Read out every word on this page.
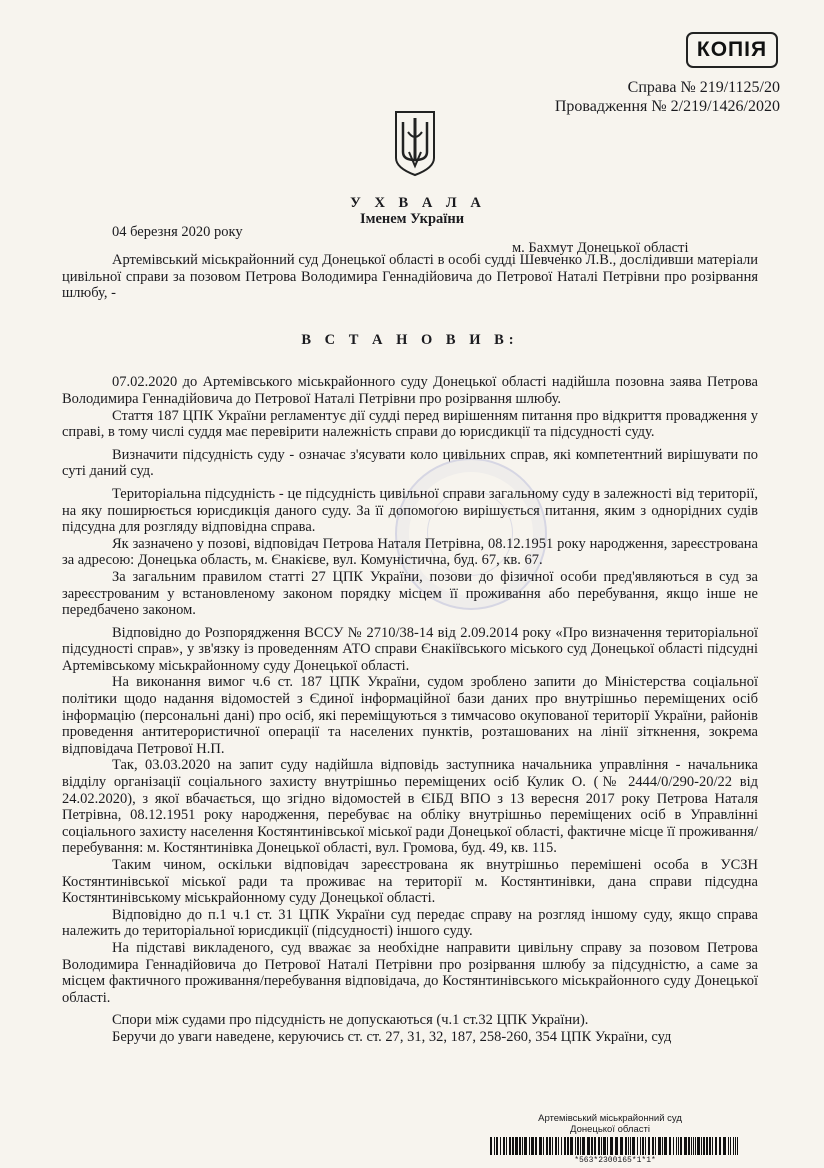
КОПІЯ
Справа № 219/1125/20
Провадження № 2/219/1426/2020
У Х В А Л А
Іменем України
04 березня 2020 року
м. Бахмут Донецької області

Артемівський міськрайонний суд Донецької області в особі судді Шевченко Л.В., дослідивши матеріали цивільної справи за позовом Петрова Володимира Геннадійовича до Петрової Наталі Петрівни про розірвання шлюбу, -

В С Т А Н О В И В:

07.02.2020 до Артемівського міськрайонного суду Донецької області надійшла позовна заява Петрова Володимира Геннадійовича до Петрової Наталі Петрівни про розірвання шлюбу.

Стаття 187 ЦПК України регламентує дії судді перед вирішенням питання про відкриття провадження у справі, в тому числі суддя має перевірити належність справи до юрисдикції та підсудності суду.

Визначити підсудність суду - означає з'ясувати коло цивільних справ, які компетентний вирішувати по суті даний суд.

Територіальна підсудність - це підсудність цивільної справи загальному суду в залежності від території, на яку поширюється юрисдикція даного суду. За її допомогою вирішується питання, яким з однорідних судів підсудна для розгляду відповідна справа.

Як зазначено у позові, відповідач Петрова Наталя Петрівна, 08.12.1951 року народження, зареєстрована за адресою: Донецька область, м. Єнакієве, вул. Комуністична, буд. 67, кв. 67.

За загальним правилом статті 27 ЦПК України, позови до фізичної особи пред'являються в суд за зареєстрованим у встановленому законом порядку місцем її проживання або перебування, якщо інше не передбачено законом.

Відповідно до Розпорядження ВССУ № 2710/38-14 від 2.09.2014 року «Про визначення територіальної підсудності справ», у зв'язку із проведенням АТО справи Єнакіївського міського суд Донецької області підсудні Артемівському міськрайонному суду Донецької області.

На виконання вимог ч.6 ст. 187 ЦПК України, судом зроблено запити до Міністерства соціальної політики щодо надання відомостей з Єдиної інформаційної бази даних про внутрішньо переміщених осіб інформацію (персональні дані) про осіб, які переміщуються з тимчасово окупованої території України, районів проведення антитерористичної операції та населених пунктів, розташованих на лінії зіткнення, зокрема відповідача Петрової Н.П.

Так, 03.03.2020 на запит суду надійшла відповідь заступника начальника управління - начальника відділу організації соціального захисту внутрішньо переміщених осіб Кулик О. (№ 2444/0/290-20/22 від 24.02.2020), з якої вбачається, що згідно відомостей в ЄІБД ВПО з 13 вересня 2017 року Петрова Наталя Петрівна, 08.12.1951 року народження, перебуває на обліку внутрішньо переміщених осіб в Управлінні соціального захисту населення Костянтинівської міської ради Донецької області, фактичне місце її проживання/перебування: м. Костянтинівка Донецької області, вул. Громова, буд. 49, кв. 115.

Таким чином, оскільки відповідач зареєстрована як внутрішньо перемішені особа в УСЗН Костянтинівської міської ради та проживає на території м. Костянтинівки, дана справи підсудна Костянтинівському міськрайонному суду Донецької області.

Відповідно до п.1 ч.1 ст. 31 ЦПК України суд передає справу на розгляд іншому суду, якщо справа належить до територіальної юрисдикції (підсудності) іншого суду.

На підставі викладеного, суд вважає за необхідне направити цивільну справу за позовом Петрова Володимира Геннадійовича до Петрової Наталі Петрівни про розірвання шлюбу за підсудністю, а саме за місцем фактичного проживання/перебування відповідача, до Костянтинівського міськрайонного суду Донецької області.

Спори між судами про підсудність не допускаються (ч.1 ст.32 ЦПК України).

Беручи до уваги наведене, керуючись ст. ст. 27, 31, 32, 187, 258-260, 354 ЦПК України, суд

Артемівський міськрайонний суд
Донецької області
*563*2300165*1*1*
